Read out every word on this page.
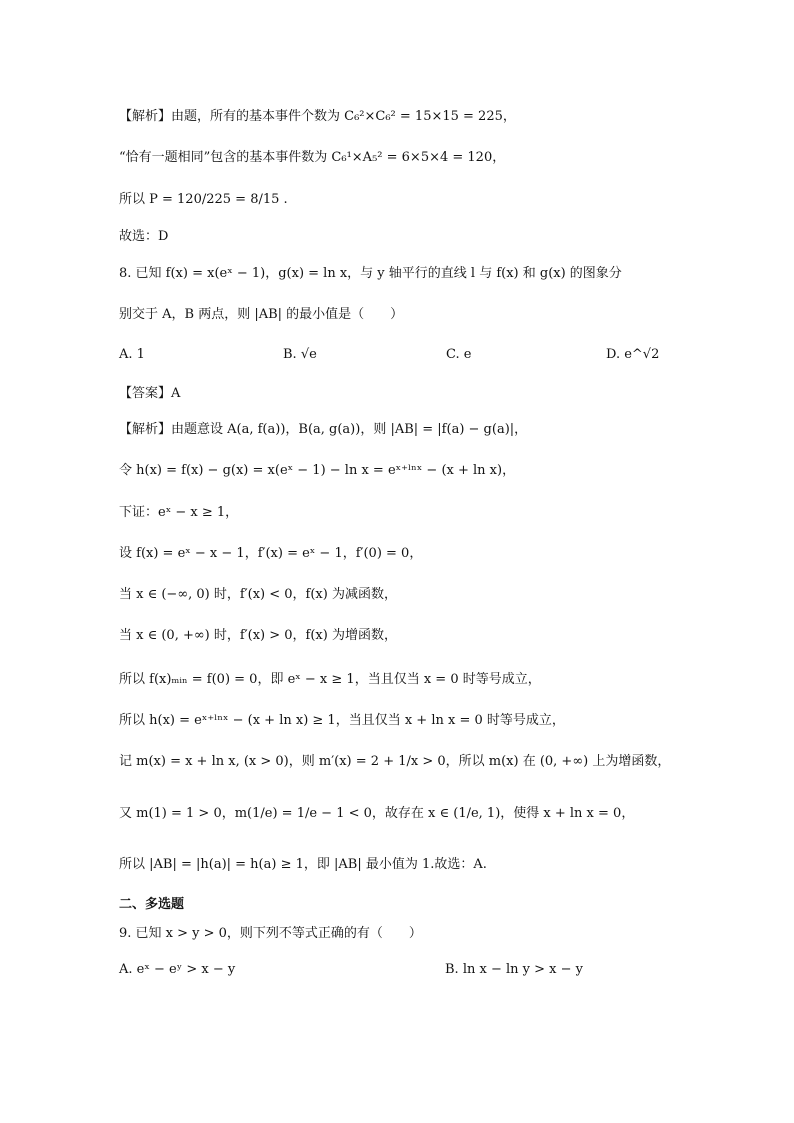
【解析】由题，所有的基本事件个数为 C₆²×C₆² = 15×15 = 225，
“恰有一题相同”包含的基本事件数为 C₆¹×A₅² = 6×5×4 = 120，
所以 P = 120/225 = 8/15 .
故选：D
8. 已知 f(x) = x(eˣ − 1)，g(x) = ln x，与 y 轴平行的直线 l 与 f(x) 和 g(x) 的图象分
别交于 A，B 两点，则 |AB| 的最小值是（　　）
A. 1	B. √e	C. e	D. e^√2
【答案】A
【解析】由题意设 A(a, f(a))，B(a, g(a))，则 |AB| = |f(a) − g(a)|，
令 h(x) = f(x) − g(x) = x(eˣ − 1) − ln x = eˣ⁺ˡⁿˣ − (x + ln x)，
下证：eˣ − x ≥ 1，
设 f(x) = eˣ − x − 1，f′(x) = eˣ − 1，f′(0) = 0，
当 x ∈ (−∞, 0) 时，f′(x) < 0，f(x) 为减函数，
当 x ∈ (0, +∞) 时，f′(x) > 0，f(x) 为增函数，
所以 f(x)ₘᵢₙ = f(0) = 0，即 eˣ − x ≥ 1，当且仅当 x = 0 时等号成立，
所以 h(x) = eˣ⁺ˡⁿˣ − (x + ln x) ≥ 1，当且仅当 x + ln x = 0 时等号成立，
记 m(x) = x + ln x, (x > 0)，则 m′(x) = 2 + 1/x > 0，所以 m(x) 在 (0, +∞) 上为增函数，
又 m(1) = 1 > 0，m(1/e) = 1/e − 1 < 0，故存在 x ∈ (1/e, 1)，使得 x + ln x = 0，
所以 |AB| = |h(a)| = h(a) ≥ 1，即 |AB| 最小值为 1.故选：A.
二、多选题
9. 已知 x > y > 0，则下列不等式正确的有（　　）
A. eˣ − eʸ > x − y	B. ln x − ln y > x − y
